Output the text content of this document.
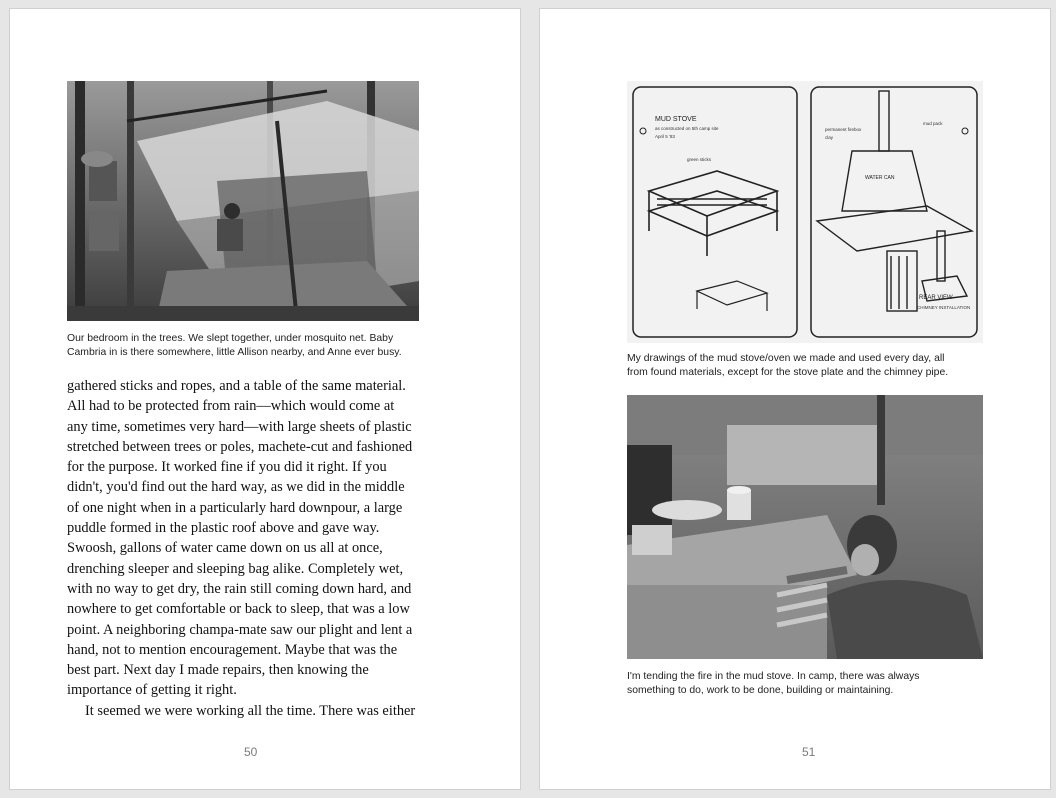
Our bedroom in the trees. We slept together, under mosquito net. Baby
Cambria in is there somewhere, little Allison nearby, and Anne ever busy.
gathered sticks and ropes, and a table of the same material.
All had to be protected from rain—which would come at
any time, sometimes very hard—with large sheets of plastic
stretched between trees or poles, machete-cut and fashioned
for the purpose. It worked fine if you did it right. If you
didn't, you'd find out the hard way, as we did in the middle
of one night when in a particularly hard downpour, a large
puddle formed in the plastic roof above and gave way.
Swoosh, gallons of water came down on us all at once,
drenching sleeper and sleeping bag alike. Completely wet,
with no way to get dry, the rain still coming down hard, and
nowhere to get comfortable or back to sleep, that was a low
point. A neighboring champa-mate saw our plight and lent a
hand, not to mention encouragement. Maybe that was the
best part. Next day I made repairs, then knowing the
importance of getting it right.
It seemed we were working all the time. There was either
50
MUD STOVE
as constructed on 5th camp site
April 5 '83
green sticks
permanent firebox
clay
WATER CAN
mud pack
REAR VIEW
CHIMNEY INSTALLATION
My drawings of the mud stove/oven we made and used every day, all
from found materials, except for the stove plate and the chimney pipe.
I'm tending the fire in the mud stove. In camp, there was always
something to do, work to be done, building or maintaining.
51
